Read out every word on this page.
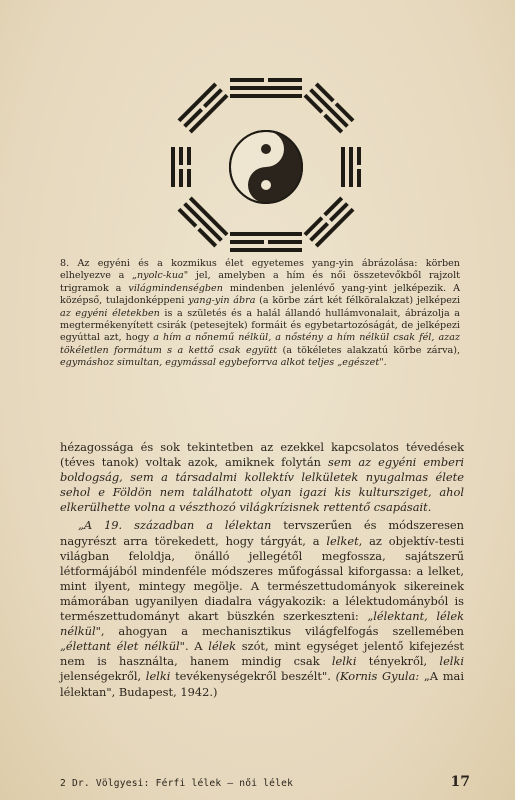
8. Az egyéni és a kozmikus élet egyetemes yang-yin ábrázolása: körben elhelyezve a „nyolc-kua" jel, amelyben a hím és női összetevőkből rajzolt trigramok a világmindenségben mindenben jelenlévő yang-yint jelképezik. A középső, tulajdonképpeni yang-yin ábra (a körbe zárt két félköralakzat) jelképezi az egyéni életekben is a születés és a halál állandó hullámvonalait, ábrázolja a megtermékenyített csirák (petesejtek) formáit és egybetartozóságát, de jelképezi egyúttal azt, hogy a hím a nőnemű nélkül, a nőstény a hím nélkül csak fél, azaz tökéletlen formátum s a kettő csak együtt (a tökéletes alakzatú körbe zárva), egymáshoz simultan, egymással egybeforrva alkot teljes „egészet".

hézagossága és sok tekintetben az ezekkel kapcsolatos tévedések (téves tanok) voltak azok, amiknek folytán sem az egyéni emberi boldogság, sem a társadalmi kollektív lelkületek nyugalmas élete sehol e Földön nem találhatott olyan igazi kis kultursziget, ahol elkerülhette volna a vészthozó világkrízisnek rettentő csapásait.

„A 19. században a lélektan tervszerűen és módszeresen nagyrészt arra törekedett, hogy tárgyát, a lelket, az objektív-testi világban feloldja, önálló jellegétől megfossza, sajátszerű létformájából mindenféle módszeres műfogással kiforgassa: a lelket, mint ilyent, mintegy megölje. A természettudományok sikereinek mámorában ugyanilyen diadalra vágyakozik: a lélektudományból is természettudományt akart büszkén szerkeszteni: „lélektant, lélek nélkül", ahogyan a mechanisztikus világfelfogás szellemében „élettant élet nélkül". A lélek szót, mint egységet jelentő kifejezést nem is használta, hanem mindig csak lelki tényekről, lelki jelenségekről, lelki tevékenységekről beszélt". (Kornis Gyula: „A mai lélektan", Budapest, 1942.)

2 Dr. Völgyesi: Férfi lélek — női lélek	17
